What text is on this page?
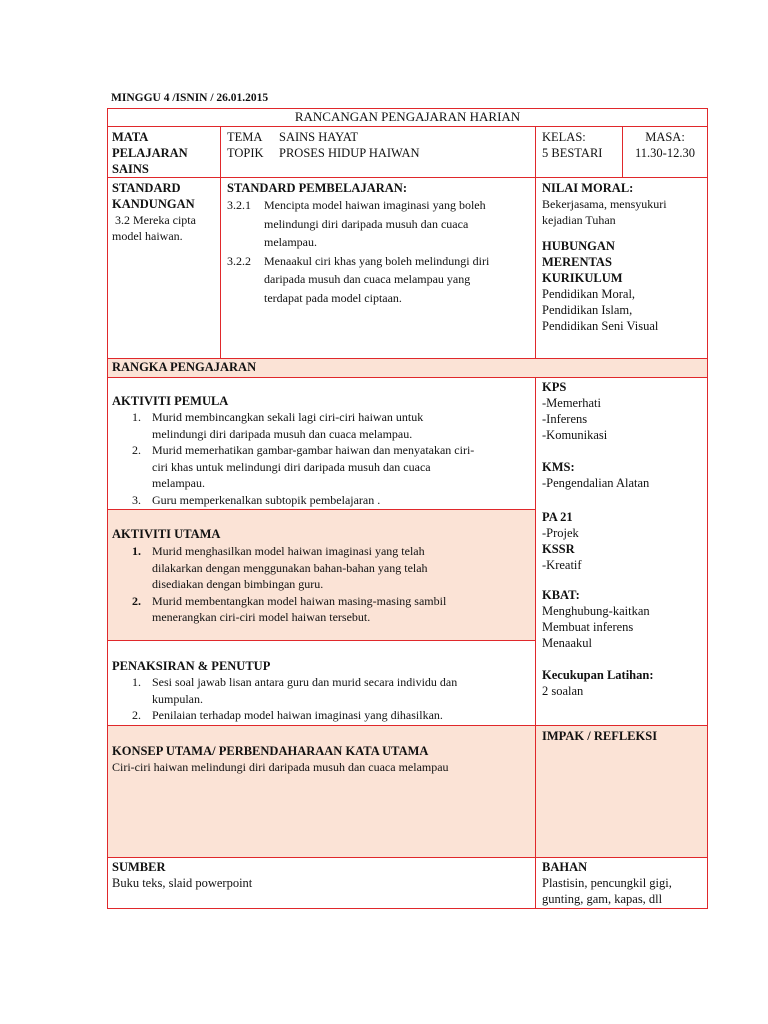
MINGGU 4 /ISNIN / 26.01.2015
RANCANGAN PENGAJARAN HARIAN
MATA
PELAJARAN
SAINS
TEMA SAINS HAYAT
TOPIK PROSES HIDUP HAIWAN
KELAS:
5 BESTARI
MASA:
11.30-12.30
STANDARD
KANDUNGAN
3.2 Mereka cipta
model haiwan.
STANDARD PEMBELAJARAN:
3.2.1 Mencipta model haiwan imaginasi yang boleh
melindungi diri daripada musuh dan cuaca
melampau.
3.2.2 Menaakul ciri khas yang boleh melindungi diri
daripada musuh dan cuaca melampau yang
terdapat pada model ciptaan.
NILAI MORAL:
Bekerjasama, mensyukuri
kejadian Tuhan
HUBUNGAN
MERENTAS
KURIKULUM
Pendidikan Moral,
Pendidikan Islam,
Pendidikan Seni Visual
RANGKA PENGAJARAN
AKTIVITI PEMULA
1. Murid membincangkan sekali lagi ciri-ciri haiwan untuk
melindungi diri daripada musuh dan cuaca melampau.
2. Murid memerhatikan gambar-gambar haiwan dan menyatakan ciri-
ciri khas untuk melindungi diri daripada musuh dan cuaca
melampau.
3. Guru memperkenalkan subtopik pembelajaran .
AKTIVITI UTAMA
1. Murid menghasilkan model haiwan imaginasi yang telah
dilakarkan dengan menggunakan bahan-bahan yang telah
disediakan dengan bimbingan guru.
2. Murid membentangkan model haiwan masing-masing sambil
menerangkan ciri-ciri model haiwan tersebut.
PENAKSIRAN & PENUTUP
1. Sesi soal jawab lisan antara guru dan murid secara individu dan
kumpulan.
2. Penilaian terhadap model haiwan imaginasi yang dihasilkan.
KPS
-Memerhati
-Inferens
-Komunikasi
KMS:
-Pengendalian Alatan
PA 21
-Projek
KSSR
-Kreatif
KBAT:
Menghubung-kaitkan
Membuat inferens
Menaakul
Kecukupan Latihan:
2 soalan
KONSEP UTAMA/ PERBENDAHARAAN KATA UTAMA
Ciri-ciri haiwan melindungi diri daripada musuh dan cuaca melampau
IMPAK / REFLEKSI
SUMBER
Buku teks, slaid powerpoint
BAHAN
Plastisin, pencungkil gigi,
gunting, gam, kapas, dll
